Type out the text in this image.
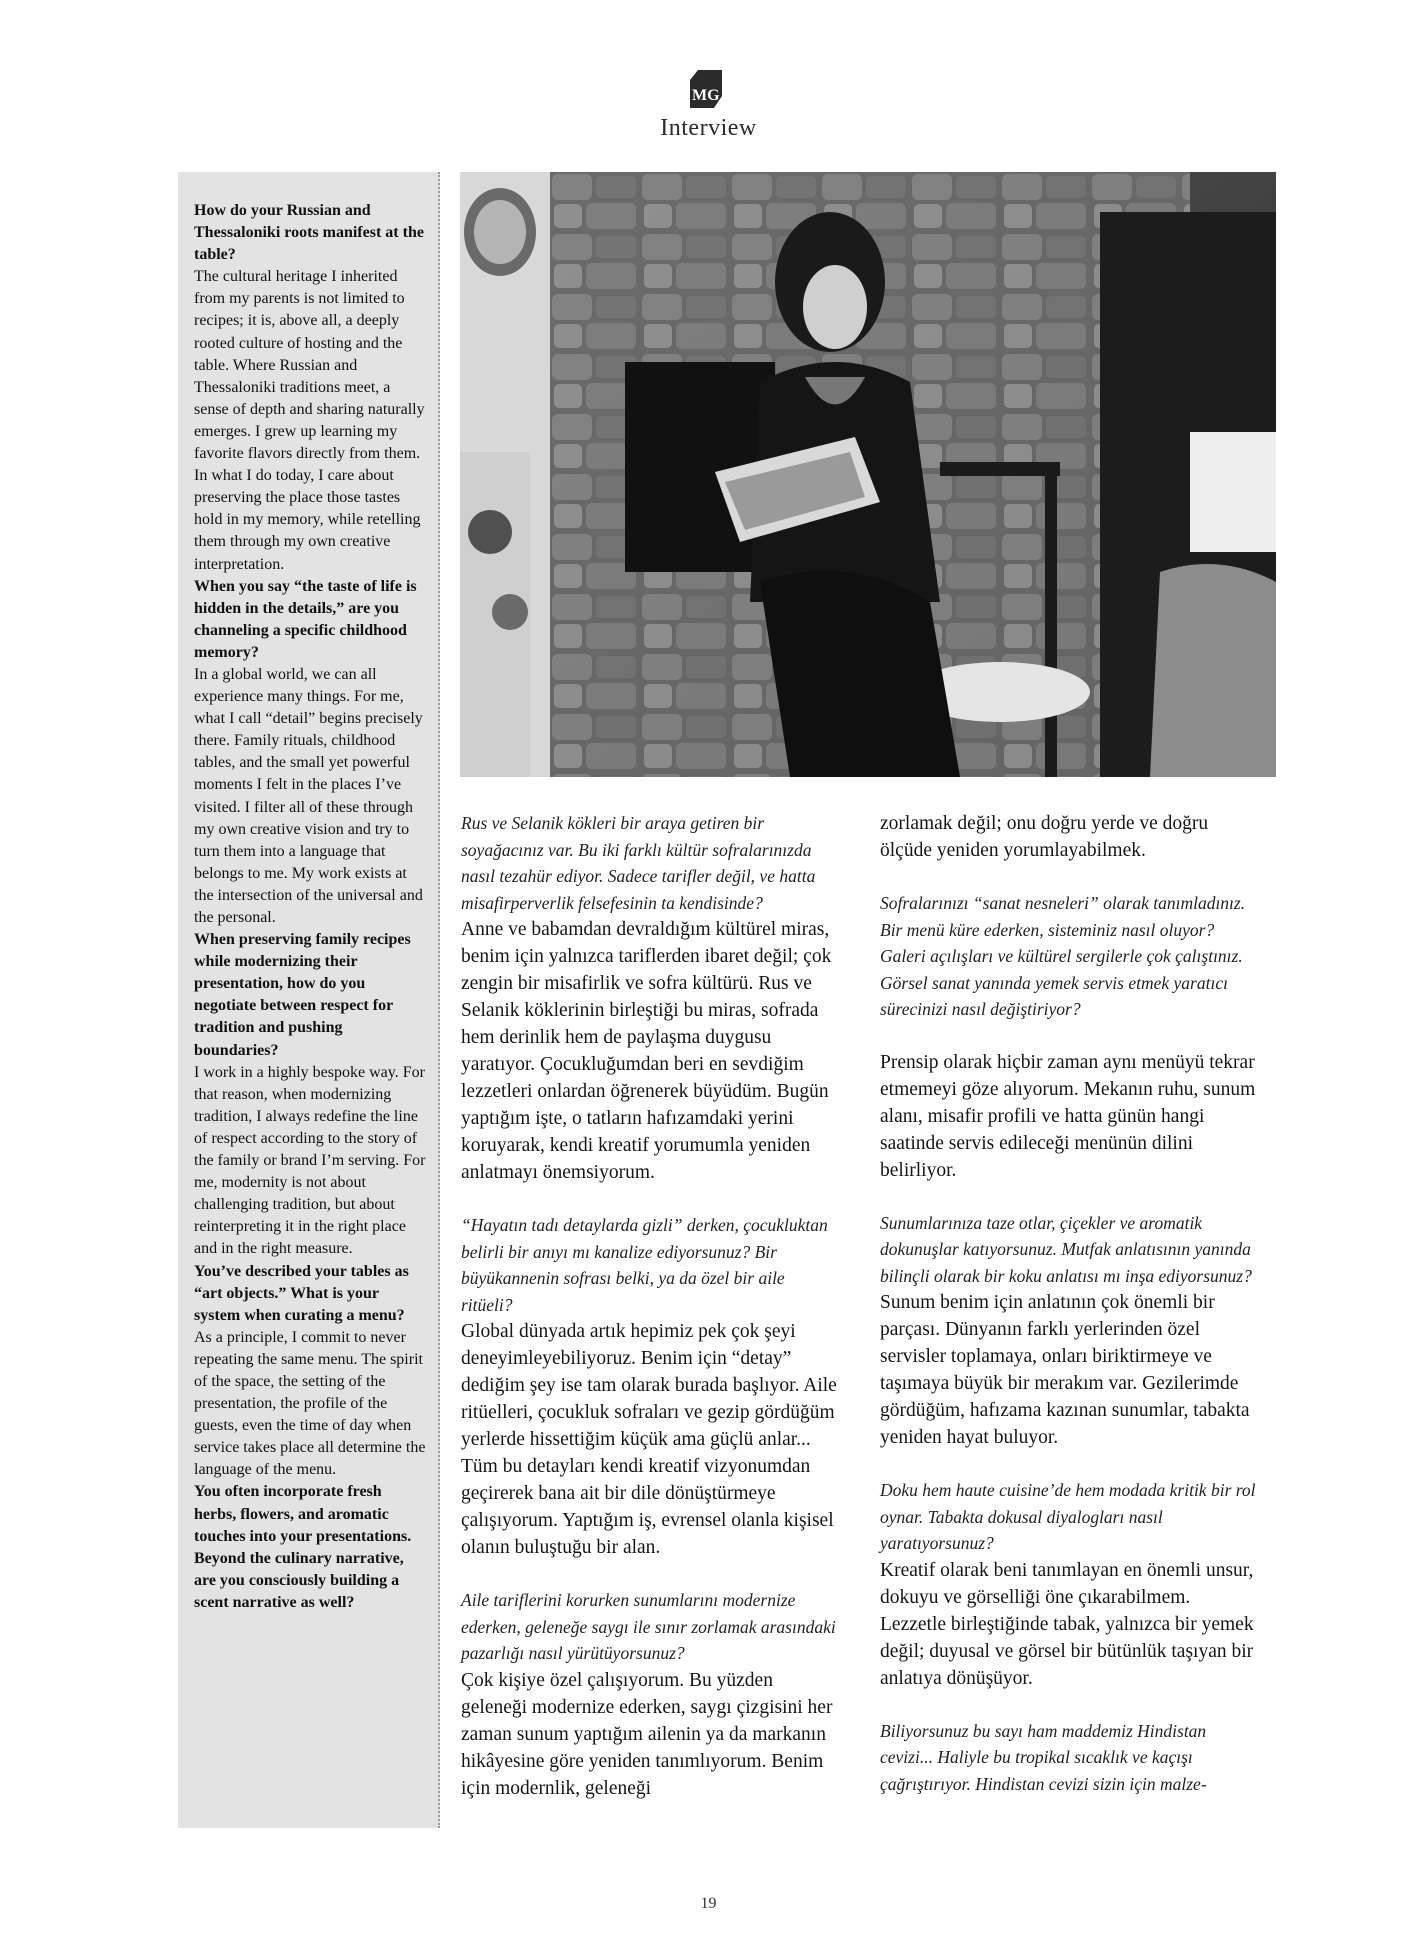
MG
Interview

How do your Russian and Thessaloniki roots manifest at the table?

The cultural heritage I inherited from my parents is not limited to recipes; it is, above all, a deeply rooted culture of hosting and the table. Where Russian and Thessaloniki traditions meet, a sense of depth and sharing naturally emerges. I grew up learning my favorite flavors directly from them. In what I do today, I care about preserving the place those tastes hold in my memory, while retelling them through my own creative interpretation.

When you say “the taste of life is hidden in the details,” are you channeling a specific childhood memory?

In a global world, we can all experience many things. For me, what I call “detail” begins precisely there. Family rituals, childhood tables, and the small yet powerful moments I felt in the places I’ve visited. I filter all of these through my own creative vision and try to turn them into a language that belongs to me. My work exists at the intersection of the universal and the personal.

When preserving family recipes while modernizing their presentation, how do you negotiate between respect for tradition and pushing boundaries?

I work in a highly bespoke way. For that reason, when modernizing tradition, I always redefine the line of respect according to the story of the family or brand I’m serving. For me, modernity is not about challenging tradition, but about reinterpreting it in the right place and in the right measure.

You’ve described your tables as “art objects.” What is your system when curating a menu?

As a principle, I commit to never repeating the same menu. The spirit of the space, the setting of the presentation, the profile of the guests, even the time of day when service takes place all determine the language of the menu.

You often incorporate fresh herbs, flowers, and aromatic touches into your presentations. Beyond the culinary narrative, are you consciously building a scent narrative as well?

Rus ve Selanik kökleri bir araya getiren bir soyağacınız var. Bu iki farklı kültür sofralarınızda nasıl tezahür ediyor. Sadece tarifler değil, ve hatta misafirperverlik felsefesinin ta kendisinde?

Anne ve babamdan devraldığım kültürel miras, benim için yalnızca tariflerden ibaret değil; çok zengin bir misafirlik ve sofra kültürü. Rus ve Selanik köklerinin birleştiği bu miras, sofrada hem derinlik hem de paylaşma duygusu yaratıyor. Çocukluğumdan beri en sevdiğim lezzetleri onlardan öğrenerek büyüdüm. Bugün yaptığım işte, o tatların hafızamdaki yerini koruyarak, kendi kreatif yorumumla yeniden anlatmayı önemsiyorum.

“Hayatın tadı detaylarda gizli” derken, çocukluktan belirli bir anıyı mı kanalize ediyorsunuz? Bir büyükannenin sofrası belki, ya da özel bir aile ritüeli?

Global dünyada artık hepimiz pek çok şeyi deneyimleyebiliyoruz. Benim için “detay” dediğim şey ise tam olarak burada başlıyor. Aile ritüelleri, çocukluk sofraları ve gezip gördüğüm yerlerde hissettiğim küçük ama güçlü anlar... Tüm bu detayları kendi kreatif vizyonumdan geçirerek bana ait bir dile dönüştürmeye çalışıyorum. Yaptığım iş, evrensel olanla kişisel olanın buluştuğu bir alan.

Aile tariflerini korurken sunumlarını modernize ederken, geleneğe saygı ile sınır zorlamak arasındaki pazarlığı nasıl yürütüyorsunuz?

Çok kişiye özel çalışıyorum. Bu yüzden geleneği modernize ederken, saygı çizgisini her zaman sunum yaptığım ailenin ya da markanın hikâyesine göre yeniden tanımlıyorum. Benim için modernlik, geleneği

zorlamak değil; onu doğru yerde ve doğru ölçüde yeniden yorumlayabilmek.

Sofralarınızı “sanat nesneleri” olarak tanımladınız. Bir menü küre ederken, sisteminiz nasıl oluyor? Galeri açılışları ve kültürel sergilerle çok çalıştınız. Görsel sanat yanında yemek servis etmek yaratıcı sürecinizi nasıl değiştiriyor?

Prensip olarak hiçbir zaman aynı menüyü tekrar etmemeyi göze alıyorum. Mekanın ruhu, sunum alanı, misafir profili ve hatta günün hangi saatinde servis edileceği menünün dilini belirliyor.

Sunumlarınıza taze otlar, çiçekler ve aromatik dokunuşlar katıyorsunuz. Mutfak anlatısının yanında bilinçli olarak bir koku anlatısı mı inşa ediyorsunuz?

Sunum benim için anlatının çok önemli bir parçası. Dünyanın farklı yerlerinden özel servisler toplamaya, onları biriktirmeye ve taşımaya büyük bir merakım var. Gezilerimde gördüğüm, hafızama kazınan sunumlar, tabakta yeniden hayat buluyor.

Doku hem haute cuisine’de hem modada kritik bir rol oynar. Tabakta dokusal diyalogları nasıl yaratıyorsunuz?

Kreatif olarak beni tanımlayan en önemli unsur, dokuyu ve görselliği öne çıkarabilmem. Lezzetle birleştiğinde tabak, yalnızca bir yemek değil; duyusal ve görsel bir bütünlük taşıyan bir anlatıya dönüşüyor.

Biliyorsunuz bu sayı ham maddemiz Hindistan cevizi... Haliyle bu tropikal sıcaklık ve kaçışı çağrıştırıyor. Hindistan cevizi sizin için malze-

19
